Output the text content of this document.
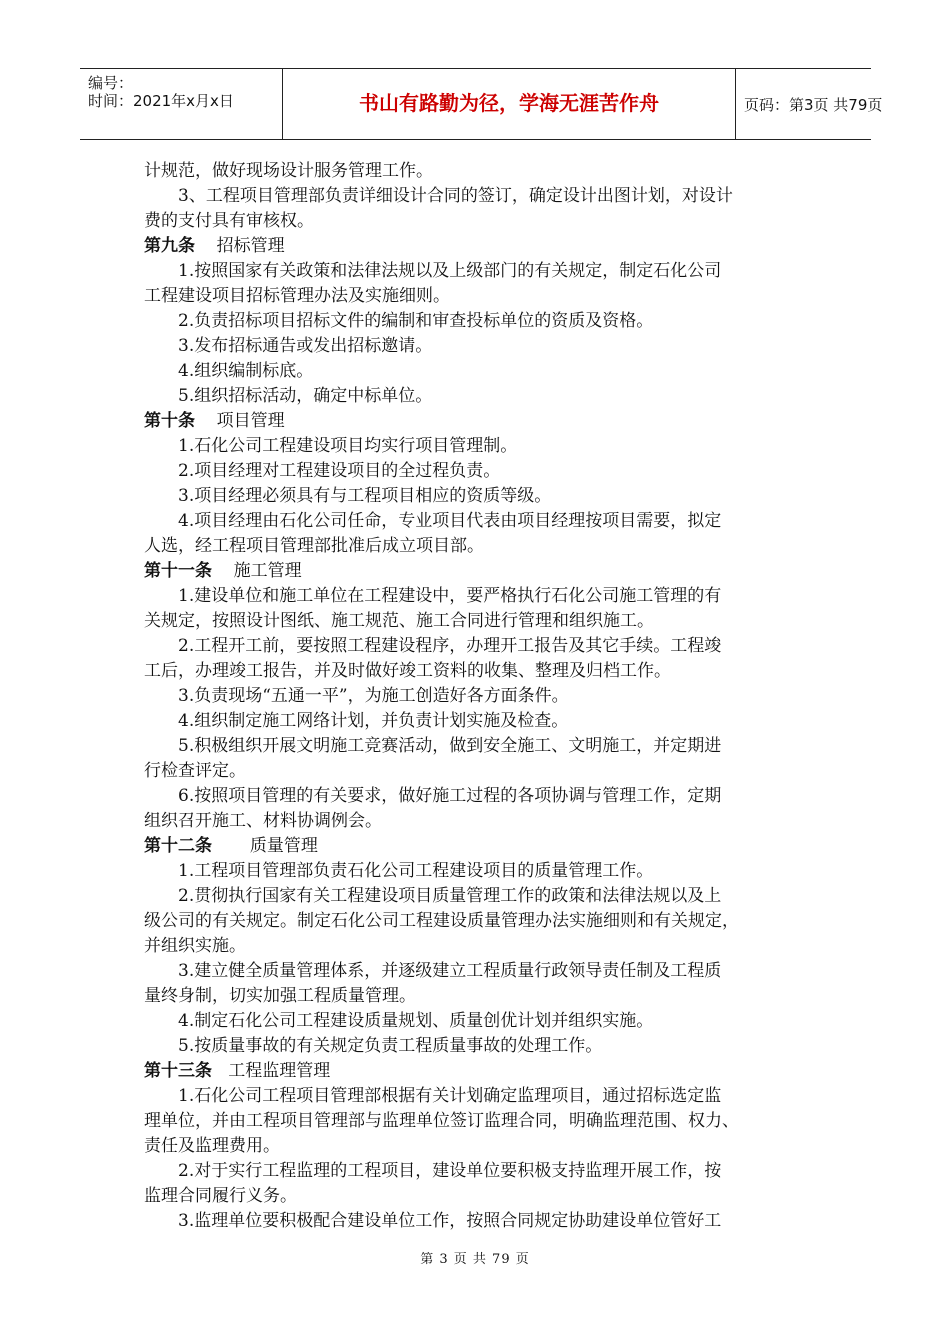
编号：
时间：2021年x月x日	书山有路勤为径，学海无涯苦作舟	页码：第3页 共79页
计规范，做好现场设计服务管理工作。
3、工程项目管理部负责详细设计合同的签订，确定设计出图计划，对设计
费的支付具有审核权。
第九条 招标管理
1.按照国家有关政策和法律法规以及上级部门的有关规定，制定石化公司
工程建设项目招标管理办法及实施细则。
2.负责招标项目招标文件的编制和审查投标单位的资质及资格。
3.发布招标通告或发出招标邀请。
4.组织编制标底。
5.组织招标活动，确定中标单位。
第十条 项目管理
1.石化公司工程建设项目均实行项目管理制。
2.项目经理对工程建设项目的全过程负责。
3.项目经理必须具有与工程项目相应的资质等级。
4.项目经理由石化公司任命，专业项目代表由项目经理按项目需要，拟定
人选，经工程项目管理部批准后成立项目部。
第十一条 施工管理
1.建设单位和施工单位在工程建设中，要严格执行石化公司施工管理的有
关规定，按照设计图纸、施工规范、施工合同进行管理和组织施工。
2.工程开工前，要按照工程建设程序，办理开工报告及其它手续。工程竣
工后，办理竣工报告，并及时做好竣工资料的收集、整理及归档工作。
3.负责现场“五通一平”，为施工创造好各方面条件。
4.组织制定施工网络计划，并负责计划实施及检查。
5.积极组织开展文明施工竞赛活动，做到安全施工、文明施工，并定期进
行检查评定。
6.按照项目管理的有关要求，做好施工过程的各项协调与管理工作，定期
组织召开施工、材料协调例会。
第十二条 质量管理
1.工程项目管理部负责石化公司工程建设项目的质量管理工作。
2.贯彻执行国家有关工程建设项目质量管理工作的政策和法律法规以及上
级公司的有关规定。制定石化公司工程建设质量管理办法实施细则和有关规定，
并组织实施。
3.建立健全质量管理体系，并逐级建立工程质量行政领导责任制及工程质
量终身制，切实加强工程质量管理。
4.制定石化公司工程建设质量规划、质量创优计划并组织实施。
5.按质量事故的有关规定负责工程质量事故的处理工作。
第十三条 工程监理管理
1.石化公司工程项目管理部根据有关计划确定监理项目，通过招标选定监
理单位，并由工程项目管理部与监理单位签订监理合同，明确监理范围、权力、
责任及监理费用。
2.对于实行工程监理的工程项目，建设单位要积极支持监理开展工作，按
监理合同履行义务。
3.监理单位要积极配合建设单位工作，按照合同规定协助建设单位管好工
第 3 页 共 79 页
